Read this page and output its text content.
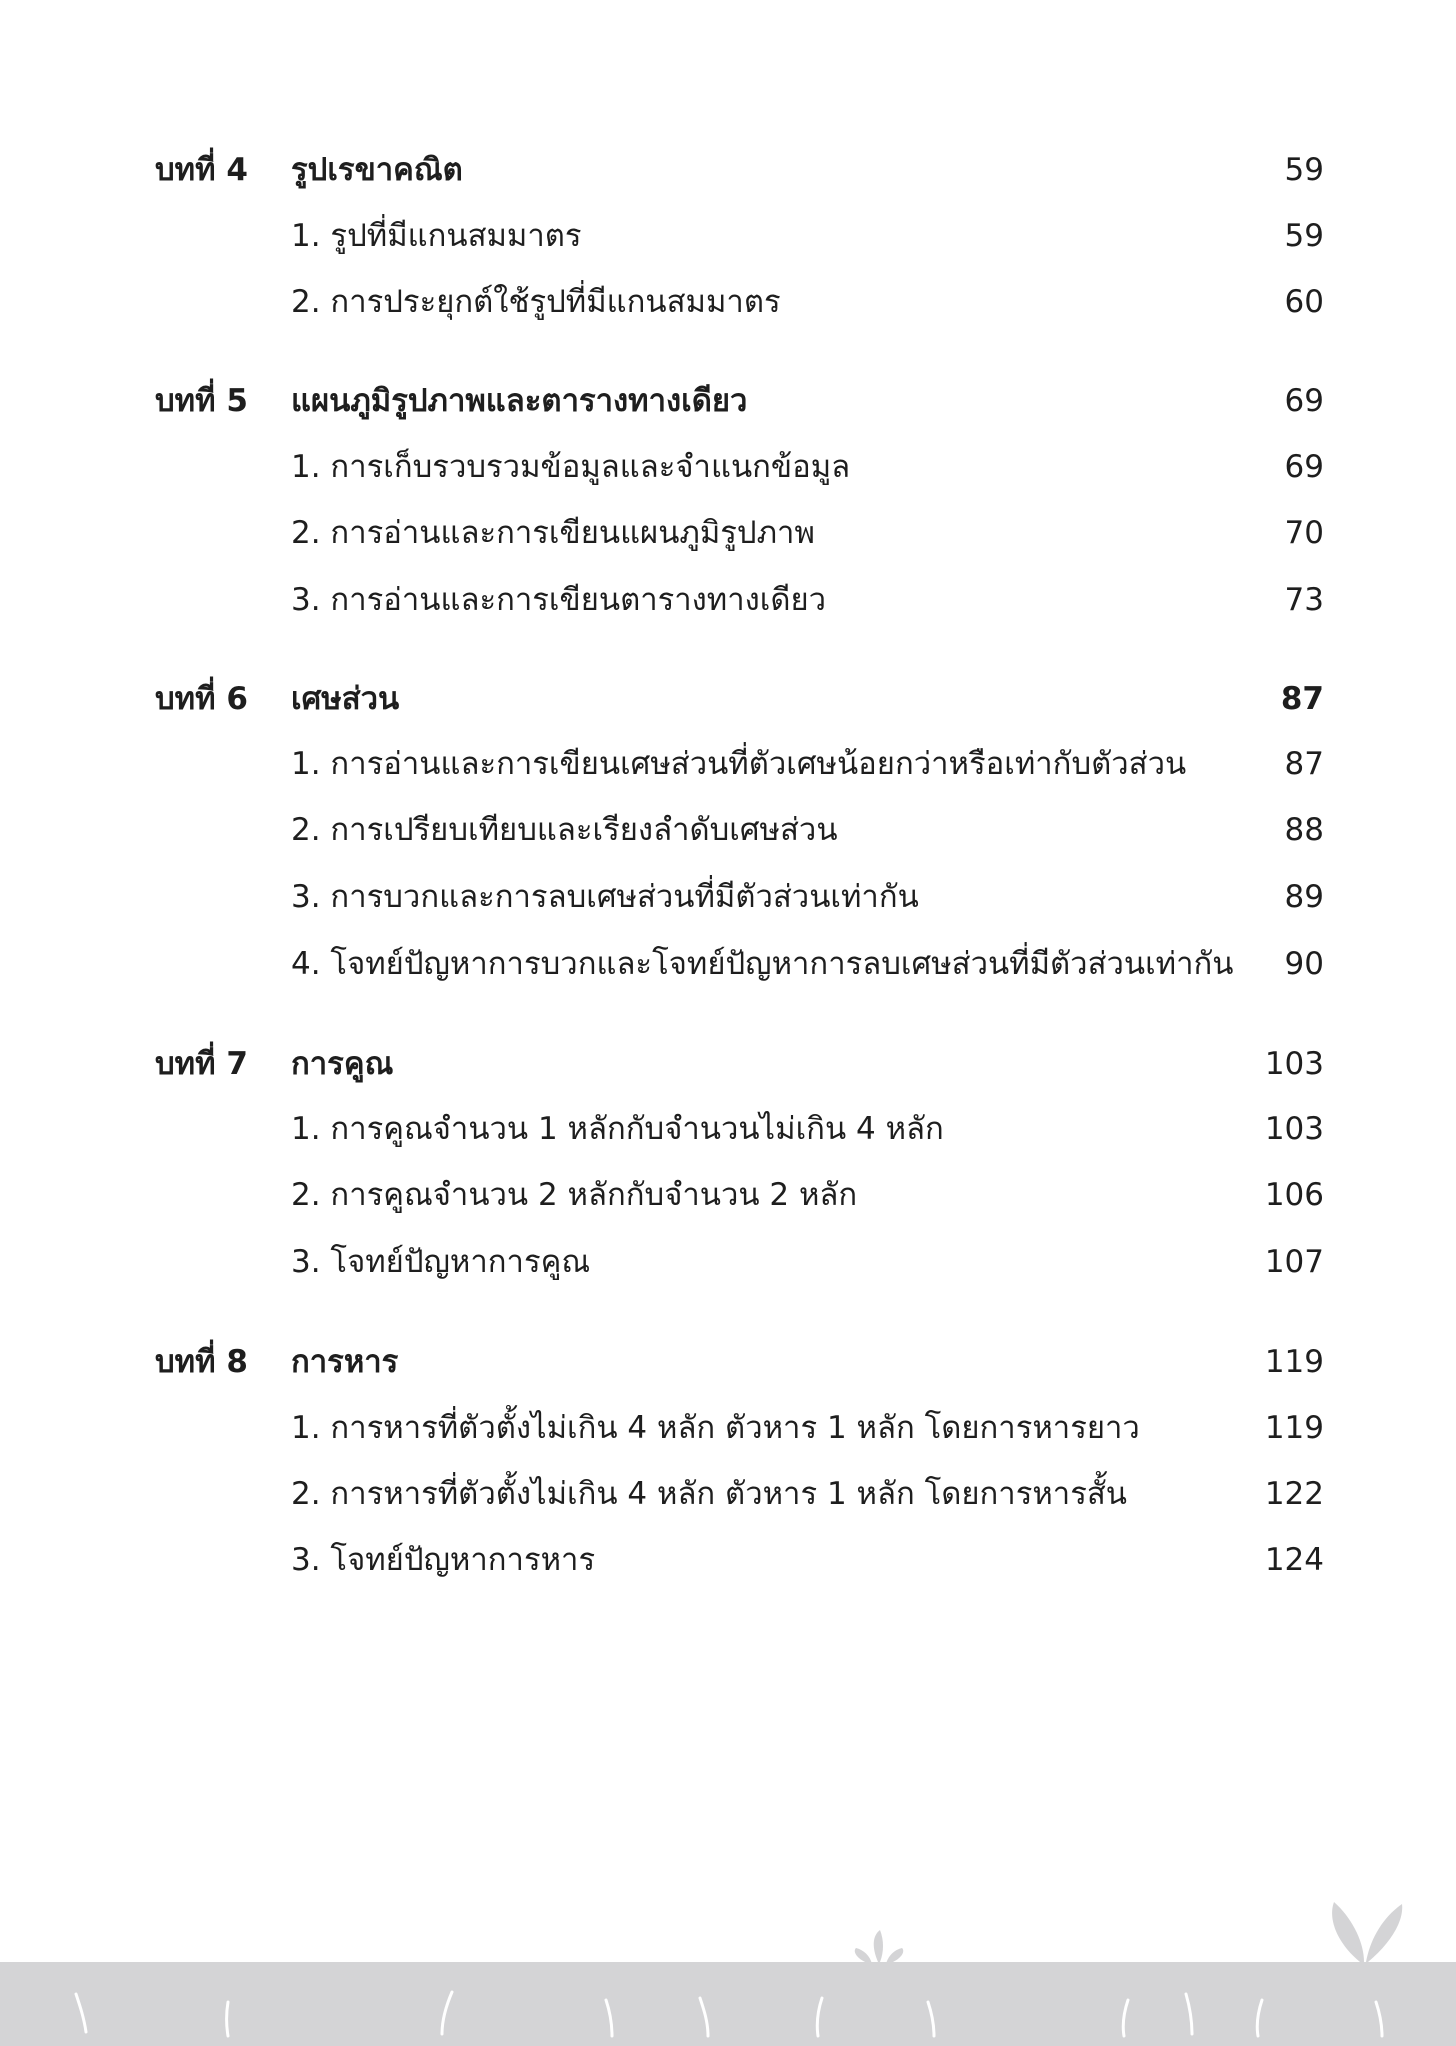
บทที่ 4 รูปเรขาคณิต	59
1. รูปที่มีแกนสมมาตร	59
2. การประยุกต์ใช้รูปที่มีแกนสมมาตร	60
บทที่ 5 แผนภูมิรูปภาพและตารางทางเดียว	69
1. การเก็บรวบรวมข้อมูลและจำแนกข้อมูล	69
2. การอ่านและการเขียนแผนภูมิรูปภาพ	70
3. การอ่านและการเขียนตารางทางเดียว	73
บทที่ 6 เศษส่วน	87
1. การอ่านและการเขียนเศษส่วนที่ตัวเศษน้อยกว่าหรือเท่ากับตัวส่วน	87
2. การเปรียบเทียบและเรียงลำดับเศษส่วน	88
3. การบวกและการลบเศษส่วนที่มีตัวส่วนเท่ากัน	89
4. โจทย์ปัญหาการบวกและโจทย์ปัญหาการลบเศษส่วนที่มีตัวส่วนเท่ากัน 90
บทที่ 7 การคูณ	103
1. การคูณจำนวน 1 หลักกับจำนวนไม่เกิน 4 หลัก	103
2. การคูณจำนวน 2 หลักกับจำนวน 2 หลัก	106
3. โจทย์ปัญหาการคูณ	107
บทที่ 8 การหาร	119
1. การหารที่ตัวตั้งไม่เกิน 4 หลัก ตัวหาร 1 หลัก โดยการหารยาว	119
2. การหารที่ตัวตั้งไม่เกิน 4 หลัก ตัวหาร 1 หลัก โดยการหารสั้น	122
3. โจทย์ปัญหาการหาร	124
